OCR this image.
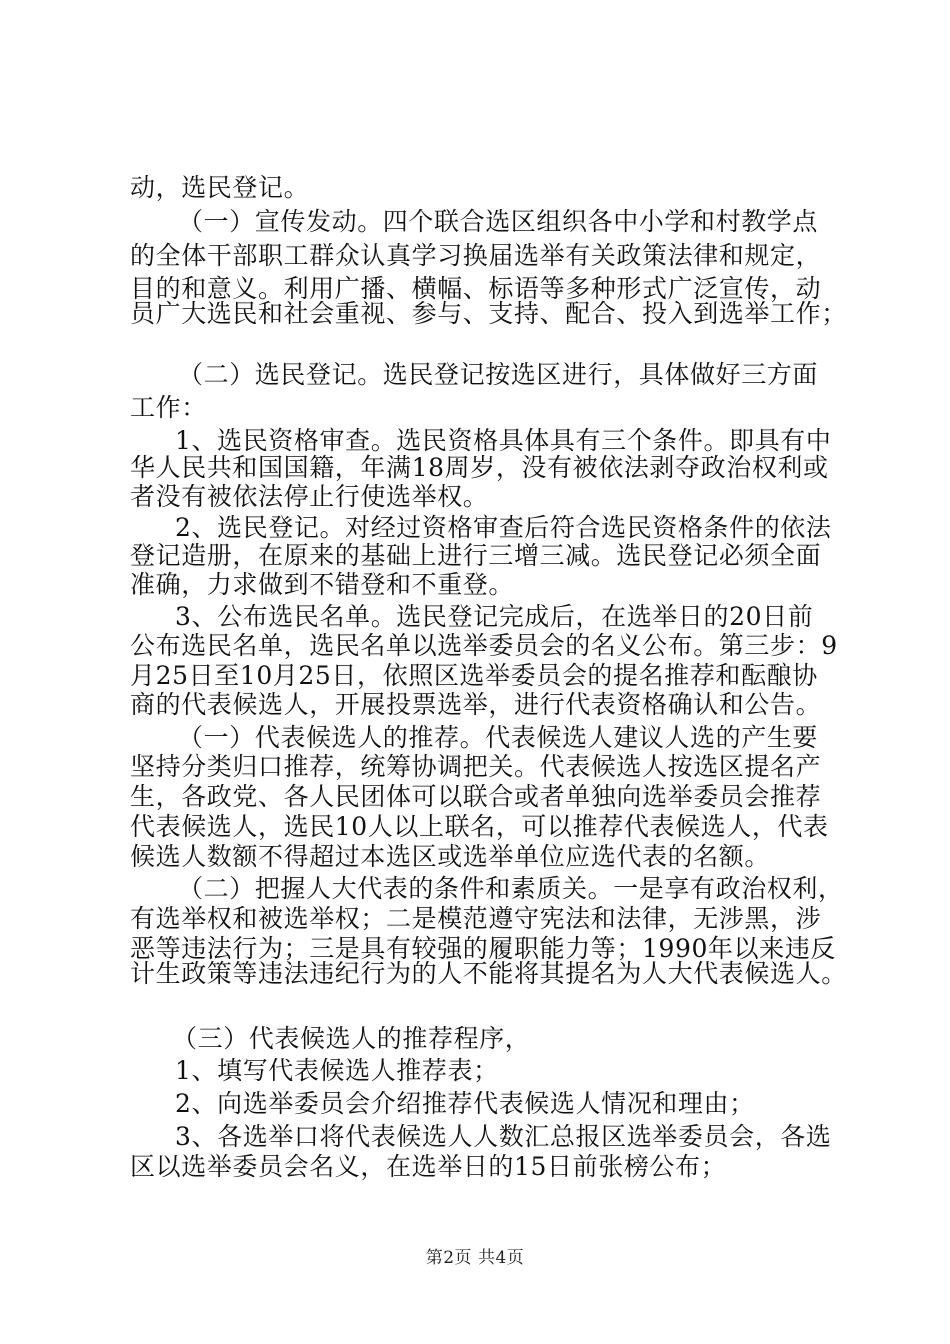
动，选民登记。
（一）宣传发动。四个联合选区组织各中小学和村教学点
的全体干部职工群众认真学习换届选举有关政策法律和规定，
目的和意义。利用广播、横幅、标语等多种形式广泛宣传，动
员广大选民和社会重视、参与、支持、配合、投入到选举工作；
（二）选民登记。选民登记按选区进行，具体做好三方面
工作：
1、选民资格审查。选民资格具体具有三个条件。即具有中
华人民共和国国籍，年满18周岁，没有被依法剥夺政治权利或
者没有被依法停止行使选举权。
2、选民登记。对经过资格审查后符合选民资格条件的依法
登记造册，在原来的基础上进行三增三减。选民登记必须全面
准确，力求做到不错登和不重登。
3、公布选民名单。选民登记完成后，在选举日的20日前
公布选民名单，选民名单以选举委员会的名义公布。第三步：9
月25日至10月25日，依照区选举委员会的提名推荐和酝酿协
商的代表候选人，开展投票选举，进行代表资格确认和公告。
（一）代表候选人的推荐。代表候选人建议人选的产生要
坚持分类归口推荐，统筹协调把关。代表候选人按选区提名产
生，各政党、各人民团体可以联合或者单独向选举委员会推荐
代表候选人，选民10人以上联名，可以推荐代表候选人，代表
候选人数额不得超过本选区或选举单位应选代表的名额。
（二）把握人大代表的条件和素质关。一是享有政治权利，
有选举权和被选举权；二是模范遵守宪法和法律，无涉黑，涉
恶等违法行为；三是具有较强的履职能力等；1990年以来违反
计生政策等违法违纪行为的人不能将其提名为人大代表候选人。
（三）代表候选人的推荐程序，
1、填写代表候选人推荐表；
2、向选举委员会介绍推荐代表候选人情况和理由；
3、各选举口将代表候选人人数汇总报区选举委员会，各选
区以选举委员会名义，在选举日的15日前张榜公布；
第2页 共4页
